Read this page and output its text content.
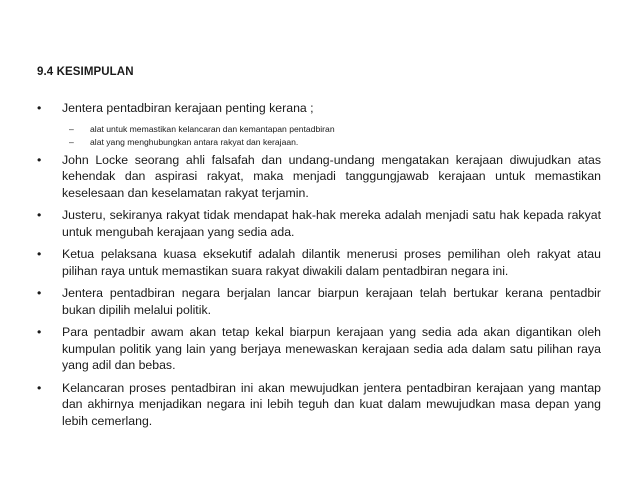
9.4 KESIMPULAN
• Jentera pentadbiran kerajaan penting kerana ;
– alat untuk memastikan kelancaran dan kemantapan pentadbiran
– alat yang menghubungkan antara rakyat dan kerajaan.
• John Locke seorang ahli falsafah dan undang-undang mengatakan kerajaan diwujudkan atas kehendak dan aspirasi rakyat, maka menjadi tanggungjawab kerajaan untuk memastikan keselesaan dan keselamatan rakyat terjamin.
• Justeru, sekiranya rakyat tidak mendapat hak-hak mereka adalah menjadi satu hak kepada rakyat untuk mengubah kerajaan yang sedia ada.
• Ketua pelaksana kuasa eksekutif adalah dilantik menerusi proses pemilihan oleh rakyat atau pilihan raya untuk memastikan suara rakyat diwakili dalam pentadbiran negara ini.
• Jentera pentadbiran negara berjalan lancar biarpun kerajaan telah bertukar kerana pentadbir bukan dipilih melalui politik.
• Para pentadbir awam akan tetap kekal biarpun kerajaan yang sedia ada akan digantikan oleh kumpulan politik yang lain yang berjaya menewaskan kerajaan sedia ada dalam satu pilihan raya yang adil dan bebas.
• Kelancaran proses pentadbiran ini akan mewujudkan jentera pentadbiran kerajaan yang mantap dan akhirnya menjadikan negara ini lebih teguh dan kuat dalam mewujudkan masa depan yang lebih cemerlang.
